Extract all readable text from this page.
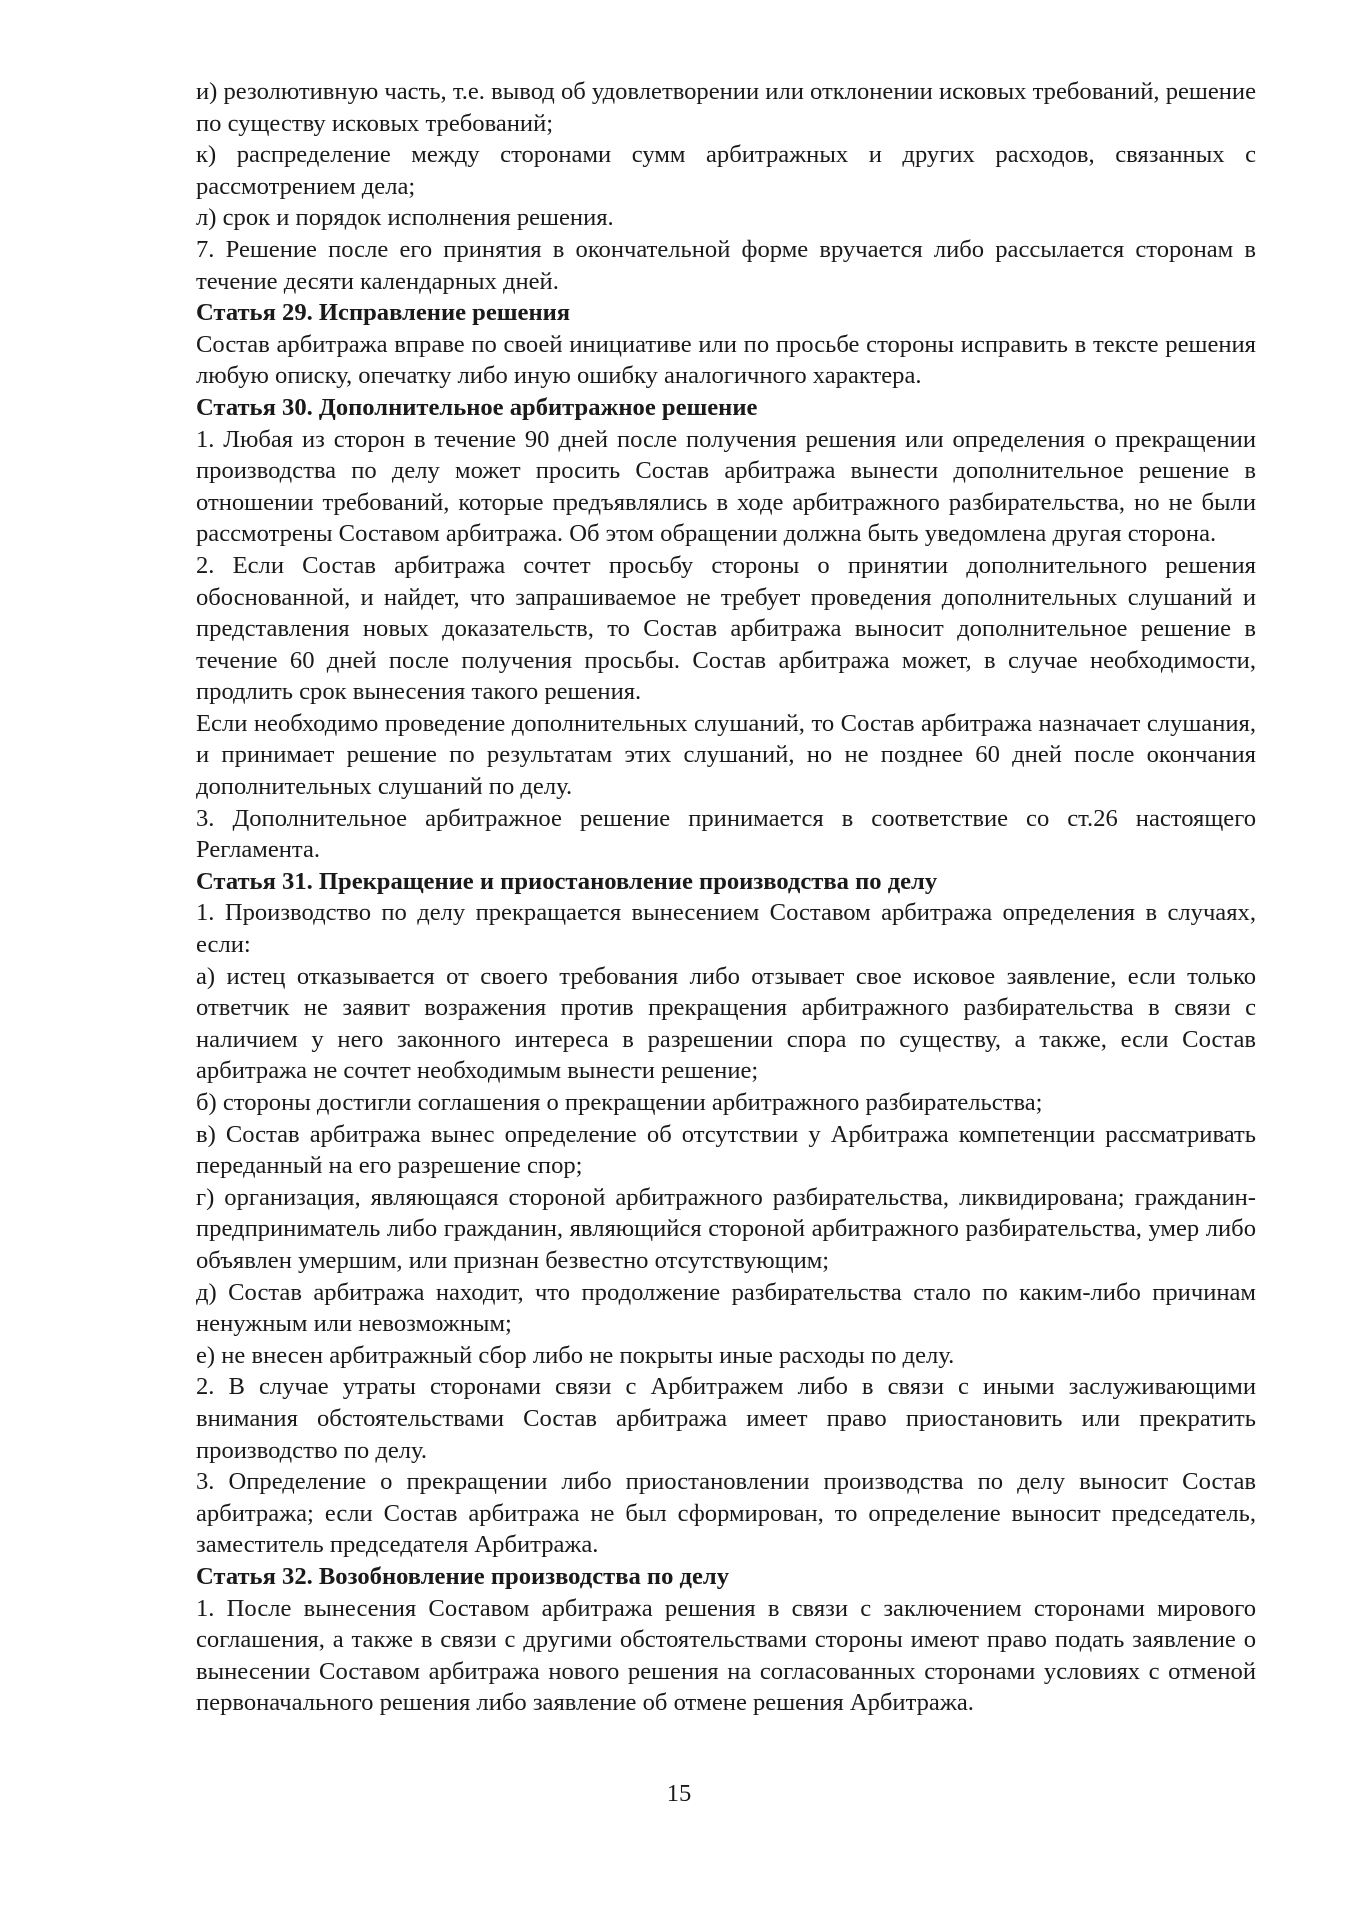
и) резолютивную часть, т.е. вывод об удовлетворении или отклонении исковых требований, решение по существу исковых требований;

к) распределение между сторонами сумм арбитражных и других расходов, связанных с рассмотрением дела;

л) срок и порядок исполнения решения.

7. Решение после его принятия в окончательной форме вручается либо рассылается сторонам в течение десяти календарных дней.

Статья 29. Исправление решения

Состав арбитража вправе по своей инициативе или по просьбе стороны исправить в тексте решения любую описку, опечатку либо иную ошибку аналогичного характера.

Статья 30. Дополнительное арбитражное решение

1. Любая из сторон в течение 90 дней после получения решения или определения о прекращении производства по делу может просить Состав арбитража вынести дополнительное решение в отношении требований, которые предъявлялись в ходе арбитражного разбирательства, но не были рассмотрены Составом арбитража. Об этом обращении должна быть уведомлена другая сторона.

2. Если Состав арбитража сочтет просьбу стороны о принятии дополнительного решения обоснованной, и найдет, что запрашиваемое не требует проведения дополнительных слушаний и представления новых доказательств, то Состав арбитража выносит дополнительное решение в течение 60 дней после получения просьбы. Состав арбитража может, в случае необходимости, продлить срок вынесения такого решения.

Если необходимо проведение дополнительных слушаний, то Состав арбитража назначает слушания, и принимает решение по результатам этих слушаний, но не позднее 60 дней после окончания дополнительных слушаний по делу.

3. Дополнительное арбитражное решение принимается в соответствие со ст.26 настоящего Регламента.

Статья 31. Прекращение и приостановление производства по делу

1. Производство по делу прекращается вынесением Составом арбитража определения в случаях, если:

а) истец отказывается от своего требования либо отзывает свое исковое заявление, если только ответчик не заявит возражения против прекращения арбитражного разбирательства в связи с наличием у него законного интереса в разрешении спора по существу, а также, если Состав арбитража не сочтет необходимым вынести решение;

б) стороны достигли соглашения о прекращении арбитражного разбирательства;

в) Состав арбитража вынес определение об отсутствии у Арбитража компетенции рассматривать переданный на его разрешение спор;

г) организация, являющаяся стороной арбитражного разбирательства, ликвидирована; гражданин-предприниматель либо гражданин, являющийся стороной арбитражного разбирательства, умер либо объявлен умершим, или признан безвестно отсутствующим;

д) Состав арбитража находит, что продолжение разбирательства стало по каким-либо причинам ненужным или невозможным;

е) не внесен арбитражный сбор либо не покрыты иные расходы по делу.

2. В случае утраты сторонами связи с Арбитражем либо в связи с иными заслуживающими внимания обстоятельствами Состав арбитража имеет право приостановить или прекратить производство по делу.

3. Определение о прекращении либо приостановлении производства по делу выносит Состав арбитража; если Состав арбитража не был сформирован, то определение выносит председатель, заместитель председателя Арбитража.

Статья 32. Возобновление производства по делу

1. После вынесения Составом арбитража решения в связи с заключением сторонами мирового соглашения, а также в связи с другими обстоятельствами стороны имеют право подать заявление о вынесении Составом арбитража нового решения на согласованных сторонами условиях с отменой первоначального решения либо заявление об отмене решения Арбитража.

15
